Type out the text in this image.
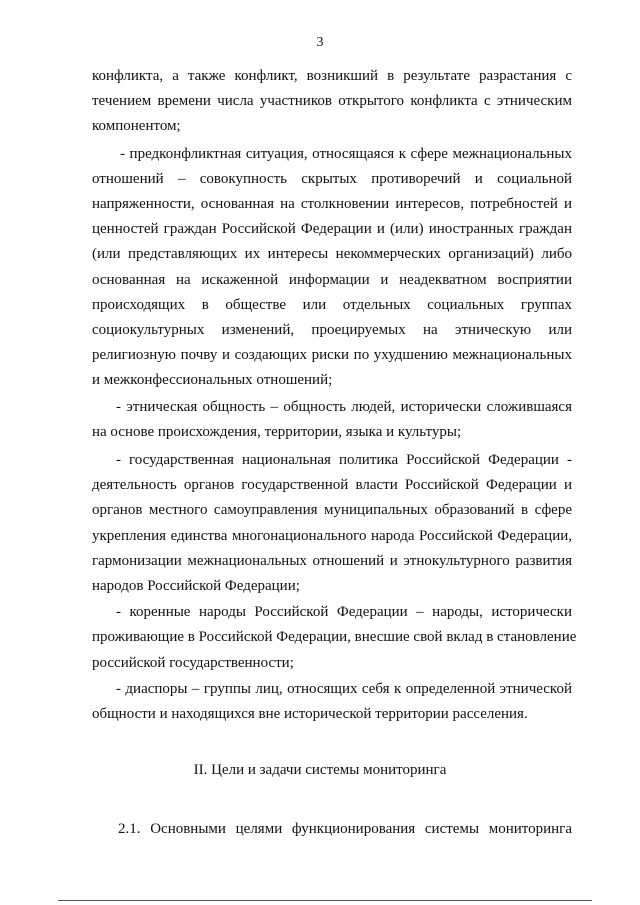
3

конфликта, а также конфликт, возникший в результате разрастания с
течением времени числа участников открытого конфликта с этническим
компонентом;

- предконфликтная ситуация, относящаяся к сфере межнациональных
отношений – совокупность скрытых противоречий и социальной
напряженности, основанная на столкновении интересов, потребностей и
ценностей граждан Российской Федерации и (или) иностранных граждан
(или представляющих их интересы некоммерческих организаций) либо
основанная на искаженной информации и неадекватном восприятии
происходящих в обществе или отдельных социальных группах
социокультурных изменений, проецируемых на этническую или
религиозную почву и создающих риски по ухудшению межнациональных
и межконфессиональных отношений;

- этническая общность – общность людей, исторически сложившаяся
на основе происхождения, территории, языка и культуры;

- государственная национальная политика Российской Федерации -
деятельность органов государственной власти Российской Федерации и
органов местного самоуправления муниципальных образований в сфере
укрепления единства многонационального народа Российской Федерации,
гармонизации межнациональных отношений и этнокультурного развития
народов Российской Федерации;

- коренные народы Российской Федерации – народы, исторически
проживающие в Российской Федерации, внесшие свой вклад в становление
российской государственности;

- диаспоры – группы лиц, относящих себя к определенной этнической
общности и находящихся вне исторической территории расселения.

II. Цели и задачи системы мониторинга
2.1. Основными целями функционирования системы мониторинга
